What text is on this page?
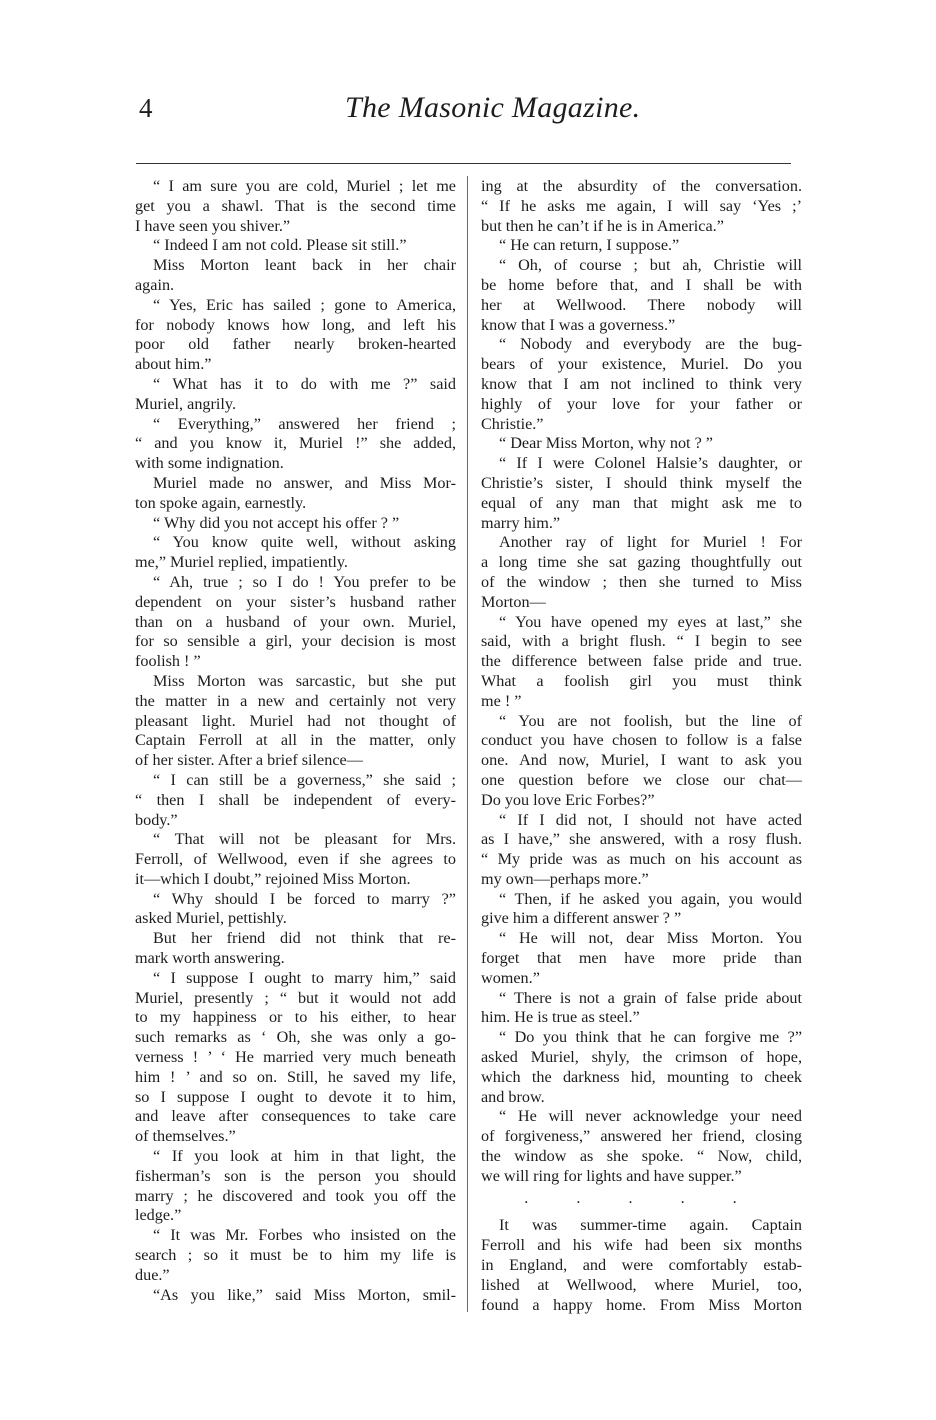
4	The Masonic Magazine.
“ I am sure you are cold, Muriel ; let me
get you a shawl. That is the second time
I have seen you shiver.”
“ Indeed I am not cold. Please sit still.”
Miss Morton leant back in her chair
again.
“ Yes, Eric has sailed ; gone to America,
for nobody knows how long, and left his
poor old father nearly broken-hearted
about him.”
“ What has it to do with me ?” said
Muriel, angrily.
“ Everything,” answered her friend ;
“ and you know it, Muriel !” she added,
with some indignation.
Muriel made no answer, and Miss Mor-
ton spoke again, earnestly.
“ Why did you not accept his offer ? ”
“ You know quite well, without asking
me,” Muriel replied, impatiently.
“ Ah, true ; so I do ! You prefer to be
dependent on your sister’s husband rather
than on a husband of your own. Muriel,
for so sensible a girl, your decision is most
foolish ! ”
Miss Morton was sarcastic, but she put
the matter in a new and certainly not very
pleasant light. Muriel had not thought of
Captain Ferroll at all in the matter, only
of her sister. After a brief silence—
“ I can still be a governess,” she said ;
“ then I shall be independent of every-
body.”
“ That will not be pleasant for Mrs.
Ferroll, of Wellwood, even if she agrees to
it—which I doubt,” rejoined Miss Morton.
“ Why should I be forced to marry ?”
asked Muriel, pettishly.
But her friend did not think that re-
mark worth answering.
“ I suppose I ought to marry him,” said
Muriel, presently ; “ but it would not add
to my happiness or to his either, to hear
such remarks as ‘ Oh, she was only a go-
verness ! ’ ‘ He married very much beneath
him ! ’ and so on. Still, he saved my life,
so I suppose I ought to devote it to him,
and leave after consequences to take care
of themselves.”
“ If you look at him in that light, the
fisherman’s son is the person you should
marry ; he discovered and took you off the
ledge.”
“ It was Mr. Forbes who insisted on the
search ; so it must be to him my life is
due.”
“As you like,” said Miss Morton, smil-
ing at the absurdity of the conversation.
“ If he asks me again, I will say ‘Yes ;’
but then he can’t if he is in America.”
“ He can return, I suppose.”
“ Oh, of course ; but ah, Christie will
be home before that, and I shall be with
her at Wellwood. There nobody will
know that I was a governess.”
“ Nobody and everybody are the bug-
bears of your existence, Muriel. Do you
know that I am not inclined to think very
highly of your love for your father or
Christie.”
“ Dear Miss Morton, why not ? ”
“ If I were Colonel Halsie’s daughter, or
Christie’s sister, I should think myself the
equal of any man that might ask me to
marry him.”
Another ray of light for Muriel ! For
a long time she sat gazing thoughtfully out
of the window ; then she turned to Miss
Morton—
“ You have opened my eyes at last,” she
said, with a bright flush. “ I begin to see
the difference between false pride and true.
What a foolish girl you must think
me ! ”
“ You are not foolish, but the line of
conduct you have chosen to follow is a false
one. And now, Muriel, I want to ask you
one question before we close our chat—
Do you love Eric Forbes?”
“ If I did not, I should not have acted
as I have,” she answered, with a rosy flush.
“ My pride was as much on his account as
my own—perhaps more.”
“ Then, if he asked you again, you would
give him a different answer ? ”
“ He will not, dear Miss Morton. You
forget that men have more pride than
women.”
“ There is not a grain of false pride about
him. He is true as steel.”
“ Do you think that he can forgive me ?”
asked Muriel, shyly, the crimson of hope,
which the darkness hid, mounting to cheek
and brow.
“ He will never acknowledge your need
of forgiveness,” answered her friend, closing
the window as she spoke. “ Now, child,
we will ring for lights and have supper.”
. . . . .
It was summer-time again. Captain
Ferroll and his wife had been six months
in England, and were comfortably estab-
lished at Wellwood, where Muriel, too,
found a happy home. From Miss Morton
